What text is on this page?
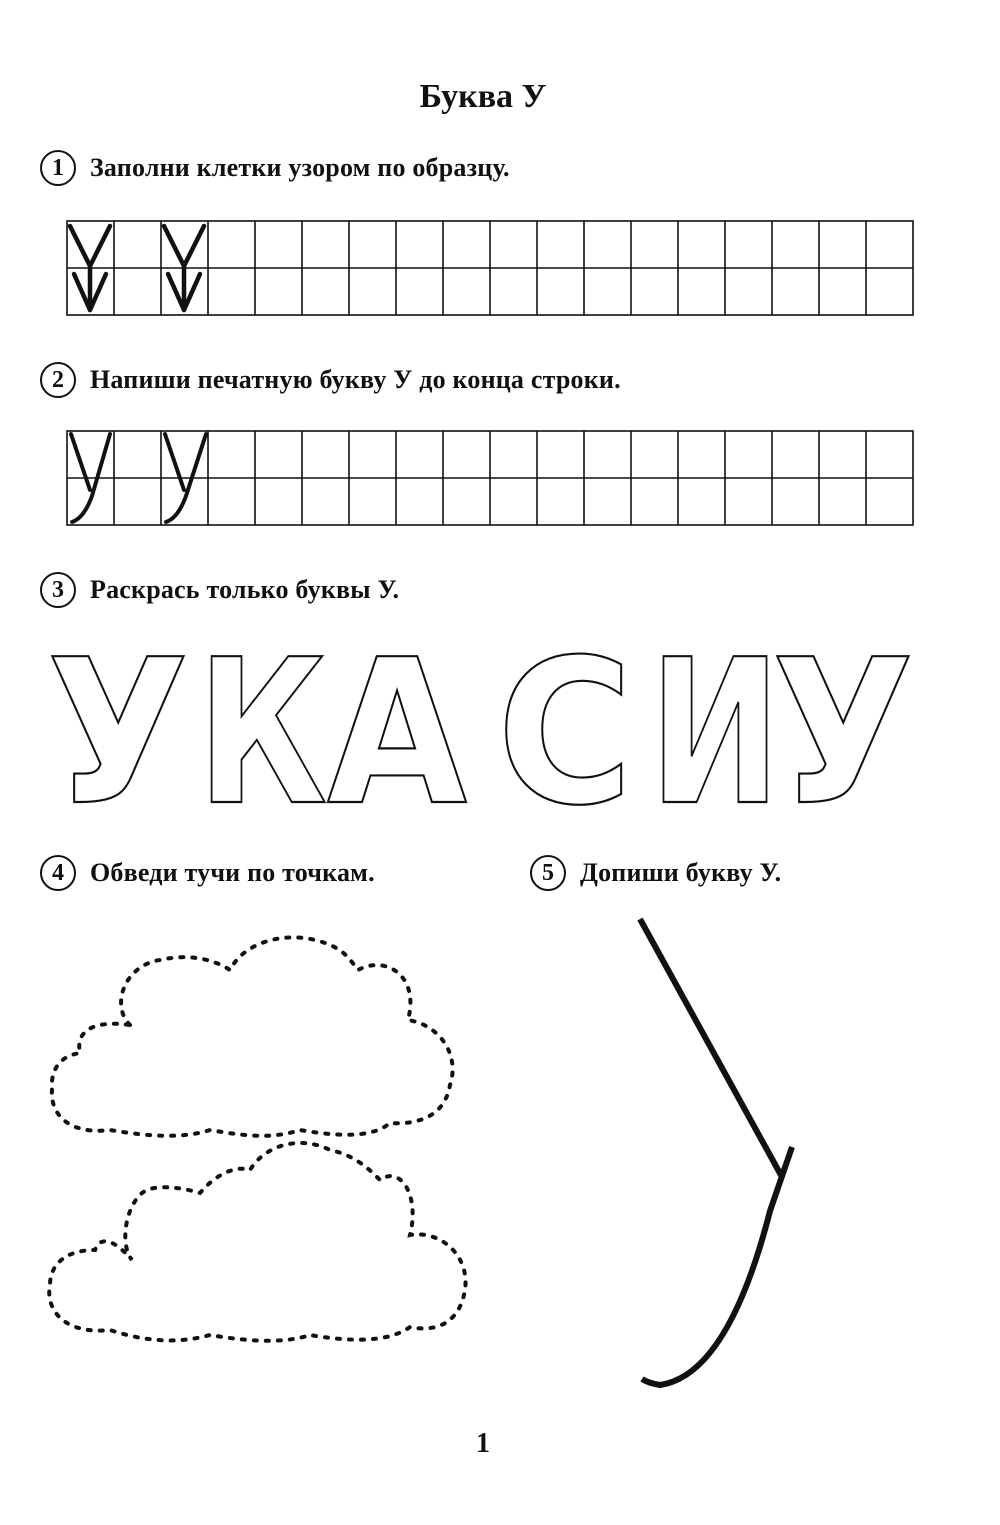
Буква У
1	Заполни клетки узором по образцу.
2	Напиши печатную букву У до конца строки.
3	Раскрась только буквы У.
У К А С И
У
4	Обведи тучи по точкам.	5	Допиши букву У.
1
